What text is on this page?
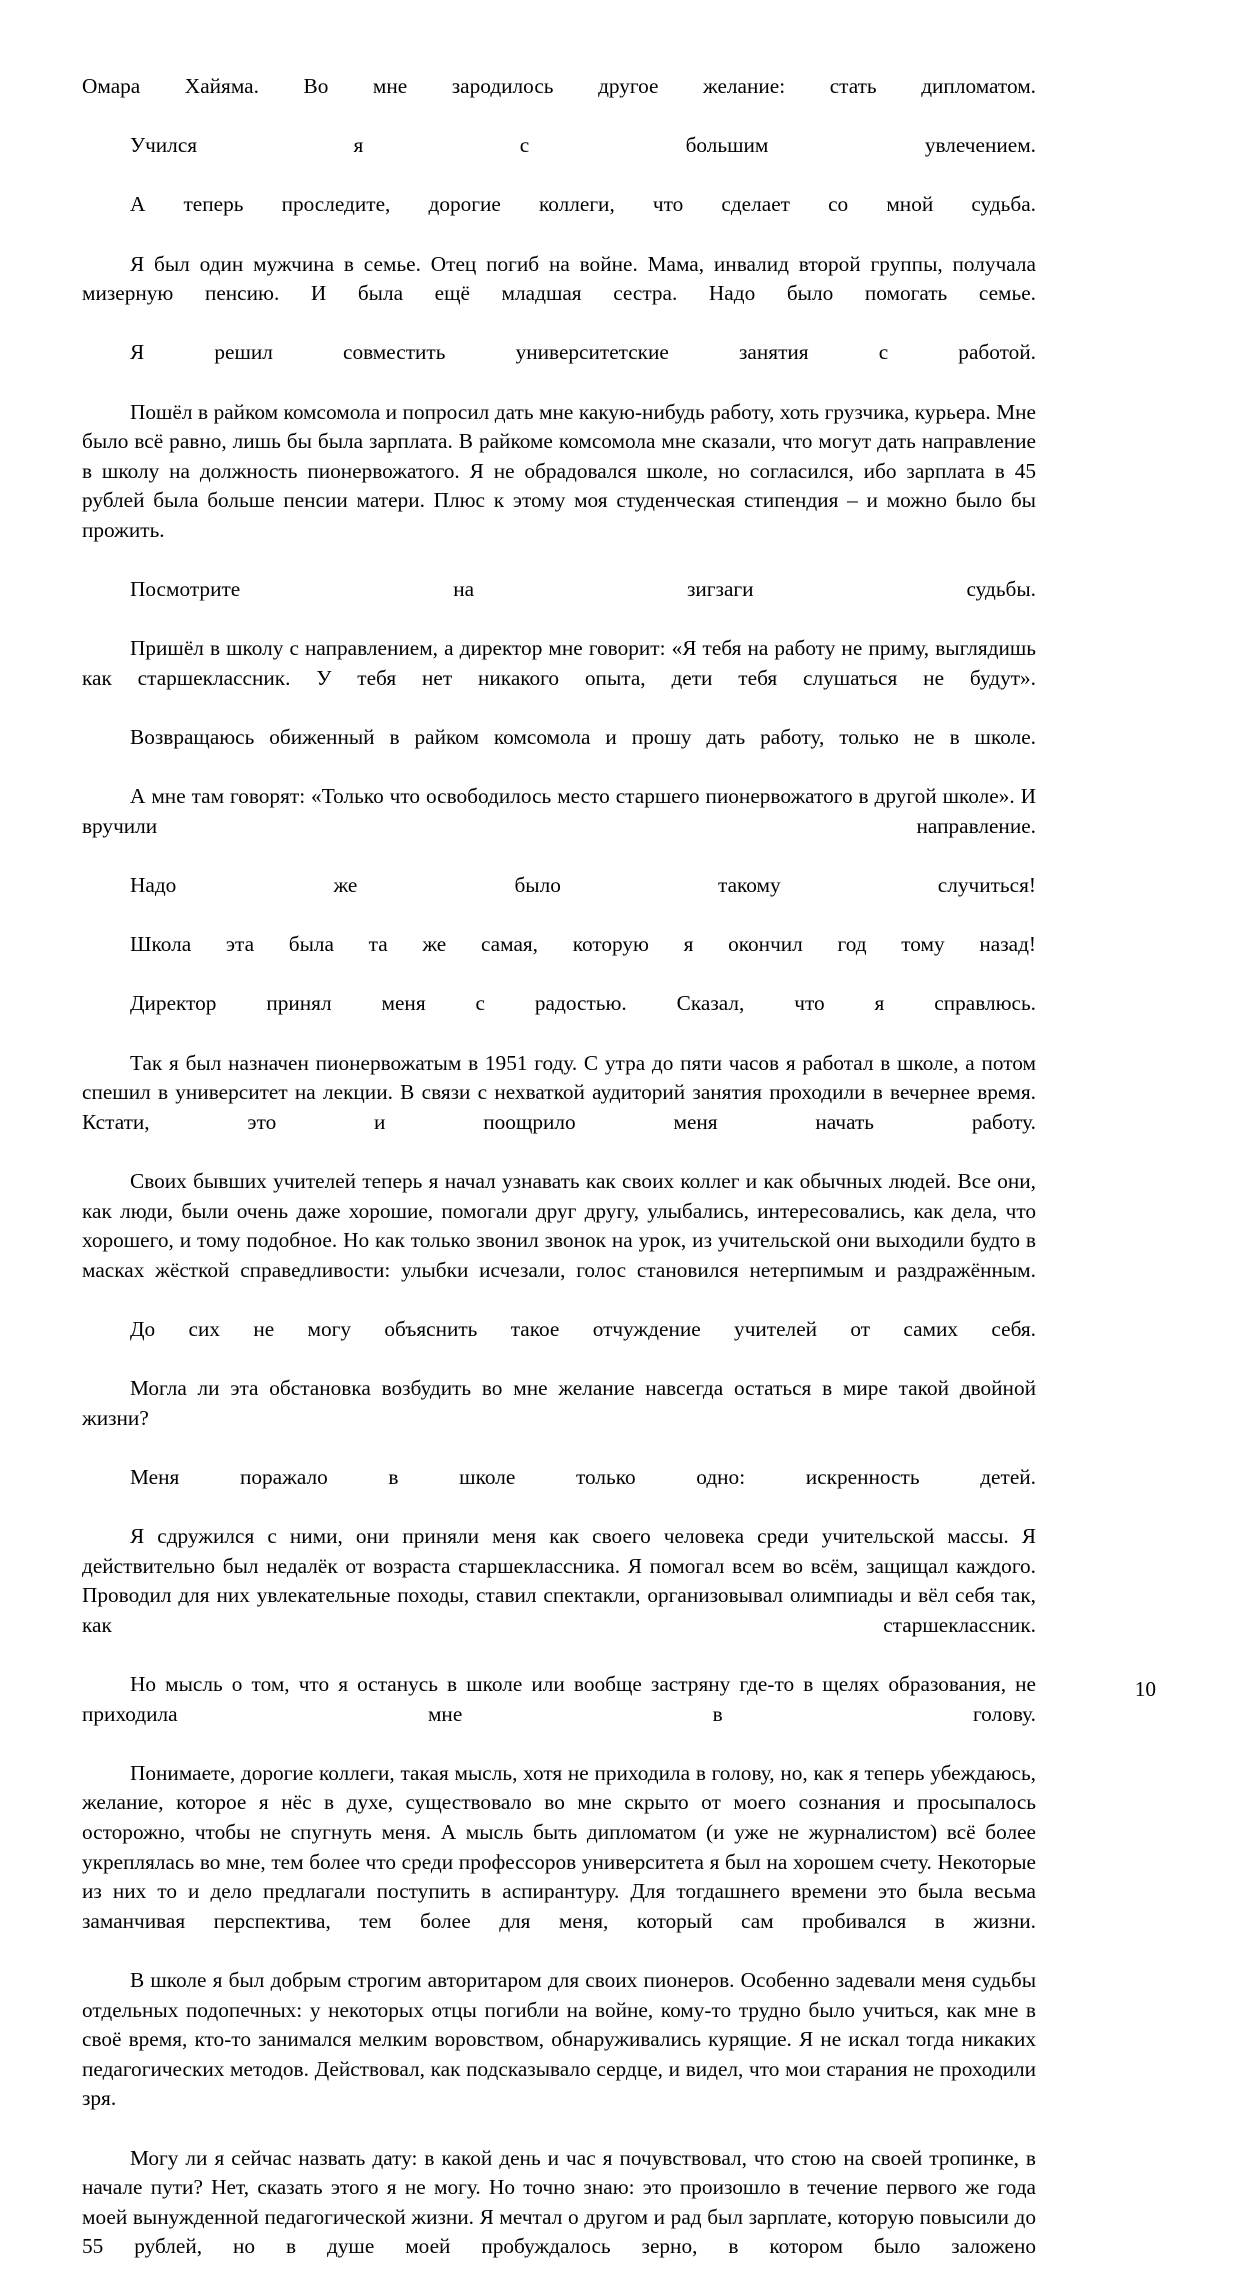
Омара Хайяма. Во мне зародилось другое желание: стать дипломатом.

Учился я с большим увлечением.

А теперь проследите, дорогие коллеги, что сделает со мной судьба.

Я был один мужчина в семье. Отец погиб на войне. Мама, инвалид второй группы, получала мизерную пенсию. И была ещё младшая сестра. Надо было помогать семье.

Я решил совместить университетские занятия с работой.

Пошёл в райком комсомола и попросил дать мне какую-нибудь работу, хоть грузчика, курьера. Мне было всё равно, лишь бы была зарплата. В райкоме комсомола мне сказали, что могут дать направление в школу на должность пионервожатого. Я не обрадовался школе, но согласился, ибо зарплата в 45 рублей была больше пенсии матери. Плюс к этому моя студенческая стипендия – и можно было бы прожить.

Посмотрите на зигзаги судьбы.

Пришёл в школу с направлением, а директор мне говорит: «Я тебя на работу не приму, выглядишь как старшеклассник. У тебя нет никакого опыта, дети тебя слушаться не будут».

Возвращаюсь обиженный в райком комсомола и прошу дать работу, только не в школе.

А мне там говорят: «Только что освободилось место старшего пионервожатого в другой школе». И вручили направление.

Надо же было такому случиться!

Школа эта была та же самая, которую я окончил год тому назад!

Директор принял меня с радостью. Сказал, что я справлюсь.

Так я был назначен пионервожатым в 1951 году. С утра до пяти часов я работал в школе, а потом спешил в университет на лекции. В связи с нехваткой аудиторий занятия проходили в вечернее время. Кстати, это и поощрило меня начать работу.

Своих бывших учителей теперь я начал узнавать как своих коллег и как обычных людей. Все они, как люди, были очень даже хорошие, помогали друг другу, улыбались, интересовались, как дела, что хорошего, и тому подобное. Но как только звонил звонок на урок, из учительской они выходили будто в масках жёсткой справедливости: улыбки исчезали, голос становился нетерпимым и раздражённым.

До сих не могу объяснить такое отчуждение учителей от самих себя.

Могла ли эта обстановка возбудить во мне желание навсегда остаться в мире такой двойной жизни?

Меня поражало в школе только одно: искренность детей.

Я сдружился с ними, они приняли меня как своего человека среди учительской массы. Я действительно был недалёк от возраста старшеклассника. Я помогал всем во всём, защищал каждого. Проводил для них увлекательные походы, ставил спектакли, организовывал олимпиады и вёл себя так, как старшеклассник.

Но мысль о том, что я останусь в школе или вообще застряну где-то в щелях образования, не приходила мне в голову.

Понимаете, дорогие коллеги, такая мысль, хотя не приходила в голову, но, как я теперь убеждаюсь, желание, которое я нёс в духе, существовало во мне скрыто от моего сознания и просыпалось осторожно, чтобы не спугнуть меня. А мысль быть дипломатом (и уже не журналистом) всё более укреплялась во мне, тем более что среди профессоров университета я был на хорошем счету. Некоторые из них то и дело предлагали поступить в аспирантуру. Для тогдашнего времени это была весьма заманчивая перспектива, тем более для меня, который сам пробивался в жизни.

В школе я был добрым строгим авторитаром для своих пионеров. Особенно задевали меня судьбы отдельных подопечных: у некоторых отцы погибли на войне, кому-то трудно было учиться, как мне в своё время, кто-то занимался мелким воровством, обнаруживались курящие. Я не искал тогда никаких педагогических методов. Действовал, как подсказывало сердце, и видел, что мои старания не проходили зря.

Могу ли я сейчас назвать дату: в какой день и час я почувствовал, что стою на своей тропинке, в начале пути? Нет, сказать этого я не могу. Но точно знаю: это произошло в течение первого же года моей вынужденной педагогической жизни. Я мечтал о другом и рад был зарплате, которую повысили до 55 рублей, но в душе моей пробуждалось зерно, в котором было заложено

10
